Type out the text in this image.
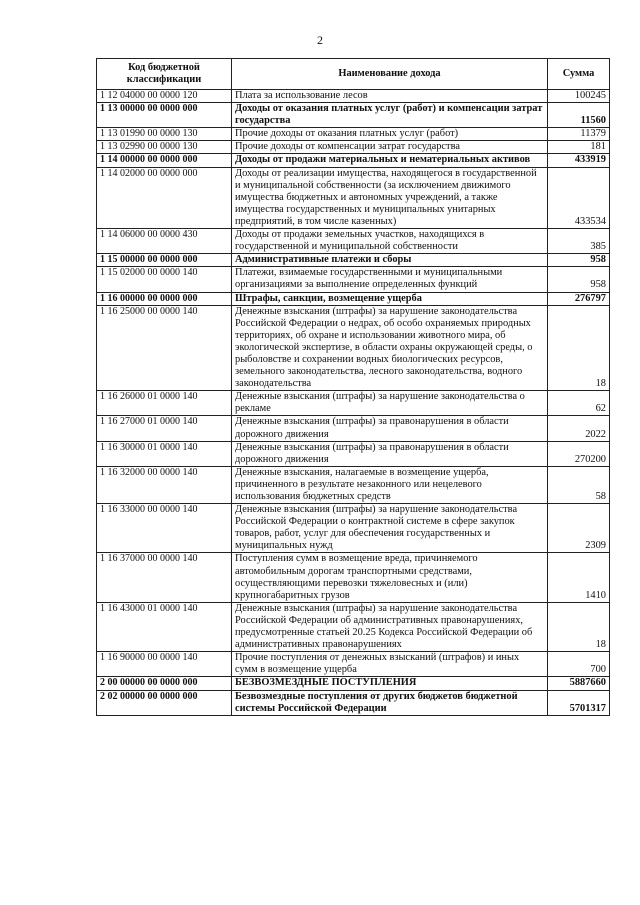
2
Код бюджетной классификации	Наименование дохода	Сумма
1 12 04000 00 0000 120	Плата за использование лесов	100245
1 13 00000 00 0000 000	Доходы от оказания платных услуг (работ) и компенсации затрат государства	11560
1 13 01990 00 0000 130	Прочие доходы от оказания платных услуг (работ)	11379
1 13 02990 00 0000 130	Прочие доходы от компенсации затрат государства	181
1 14 00000 00 0000 000	Доходы от продажи материальных и нематериальных активов	433919
1 14 02000 00 0000 000	Доходы от реализации имущества, находящегося в государственной и муниципальной собственности (за исключением движимого имущества бюджетных и автономных учреждений, а также имущества государственных и муниципальных унитарных предприятий, в том числе казенных)	433534
1 14 06000 00 0000 430	Доходы от продажи земельных участков, находящихся в государственной и муниципальной собственности	385
1 15 00000 00 0000 000	Административные платежи и сборы	958
1 15 02000 00 0000 140	Платежи, взимаемые государственными и муниципальными организациями за выполнение определенных функций	958
1 16 00000 00 0000 000	Штрафы, санкции, возмещение ущерба	276797
1 16 25000 00 0000 140	Денежные взыскания (штрафы) за нарушение законодательства Российской Федерации о недрах, об особо охраняемых природных территориях, об охране и использовании животного мира, об экологической экспертизе, в области охраны окружающей среды, о рыболовстве и сохранении водных биологических ресурсов, земельного законодательства, лесного законодательства, водного законодательства	18
1 16 26000 01 0000 140	Денежные взыскания (штрафы) за нарушение законодательства о рекламе	62
1 16 27000 01 0000 140	Денежные взыскания (штрафы) за правонарушения в области дорожного движения	2022
1 16 30000 01 0000 140	Денежные взыскания (штрафы) за правонарушения в области дорожного движения	270200
1 16 32000 00 0000 140	Денежные взыскания, налагаемые в возмещение ущерба, причиненного в результате незаконного или нецелевого использования бюджетных средств	58
1 16 33000 00 0000 140	Денежные взыскания (штрафы) за нарушение законодательства Российской Федерации о контрактной системе в сфере закупок товаров, работ, услуг для обеспечения государственных и муниципальных нужд	2309
1 16 37000 00 0000 140	Поступления сумм в возмещение вреда, причиняемого автомобильным дорогам транспортными средствами, осуществляющими перевозки тяжеловесных и (или) крупногабаритных грузов	1410
1 16 43000 01 0000 140	Денежные взыскания (штрафы) за нарушение законодательства Российской Федерации об административных правонарушениях, предусмотренные статьей 20.25 Кодекса Российской Федерации об административных правонарушениях	18
1 16 90000 00 0000 140	Прочие поступления от денежных взысканий (штрафов) и иных сумм в возмещение ущерба	700
2 00 00000 00 0000 000	БЕЗВОЗМЕЗДНЫЕ ПОСТУПЛЕНИЯ	5887660
2 02 00000 00 0000 000	Безвозмездные поступления от других бюджетов бюджетной системы Российской Федерации	5701317
